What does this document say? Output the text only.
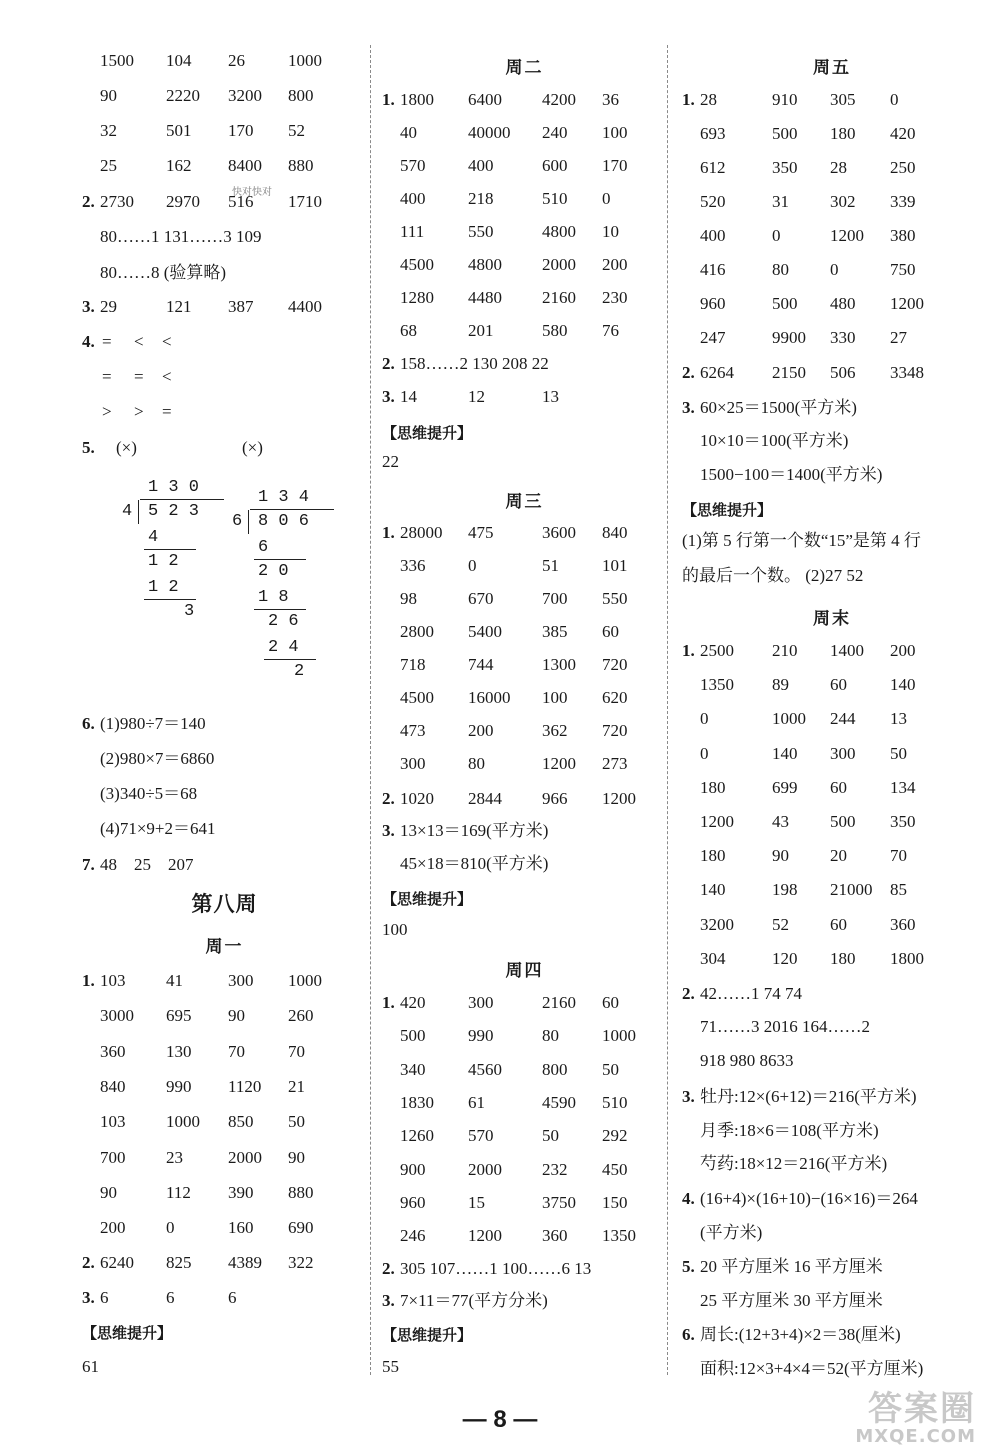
1500 104 26	1000
90	2220 3200 800
32	501 170 52
25	162 8400 880
快对快对
2. 2730 2970 516 1710
80……1 131……3 109
80……8 (验算略)
3. 29	121 387 4400
4. = < <
= = <
> > =
5. (×)	(×)
1 3 0
4 5 2 3
4
1 2
1 2
3
1 3 4
6 8 0 6
6
2 0
1 8
2 6
2 4
2
6. (1)980÷7＝140
(2)980×7＝6860
(3)340÷5＝68
(4)71×9+2＝641
7. 48 25 207
第八周
周一
1. 103 41	300 1000
3000 695 90	260
360 130 70	70
840 990 1120 21
103 1000 850 50
700 23	2000 90
90	112 390 880
200 0	160 690
2. 6240 825 4389 322
3. 6	6	6
【思维提升】
61
周二
1. 1800 6400 4200 36
40	40000 240 100
570	400	600 170
400	218	510 0
111	550	4800 10
4500 4800 2000 200
1280 4480 2160 230
68	201	580 76
2. 158……2 130 208 22
3. 14	12	13
【思维提升】
22
周三
1. 28000 475	3600 840
336	0	51	101
98	670	700 550
2800 5400 385 60
718	744	1300 720
4500 16000 100 620
473	200	362 720
300	80	1200 273
2. 1020 2844 966 1200
3. 13×13＝169(平方米)
45×18＝810(平方米)
【思维提升】
100
周四
1. 420	300	2160 60
500	990	80	1000
340	4560 800 50
1830 61	4590 510
1260 570	50	292
900	2000 232 450
960	15	3750 150
246	1200 360 1350
2. 305 107……1 100……6 13
3. 7×11＝77(平方分米)
【思维提升】
55
周五
1. 28	910 305 0
693	500 180 420
612	350 28	250
520	31 302 339
400	0	1200 380
416	80 0	750
960	500 480 1200
247	9900 330 27
2. 6264 2150 506 3348
3. 60×25＝1500(平方米)
10×10＝100(平方米)
1500−100＝1400(平方米)
【思维提升】
(1)第 5 行第一个数“15”是第 4 行
的最后一个数。 (2)27 52
周末
1. 2500 210 1400 200
1350 89 60	140
0	1000 244 13
0	140 300 50
180	699 60	134
1200 43 500 350
180	90 20	70
140	198 21000 85
3200 52 60	360
304	120 180 1800
2. 42……1 74 74
71……3 2016 164……2
918 980 8633
3. 牡丹:12×(6+12)＝216(平方米)
月季:18×6＝108(平方米)
芍药:18×12＝216(平方米)
4. (16+4)×(16+10)−(16×16)＝264
(平方米)
5. 20 平方厘米 16 平方厘米
25 平方厘米 30 平方厘米
6. 周长:(12+3+4)×2＝38(厘米)
面积:12×3+4×4＝52(平方厘米)
— 8 —	答案圈
MXQE.COM
